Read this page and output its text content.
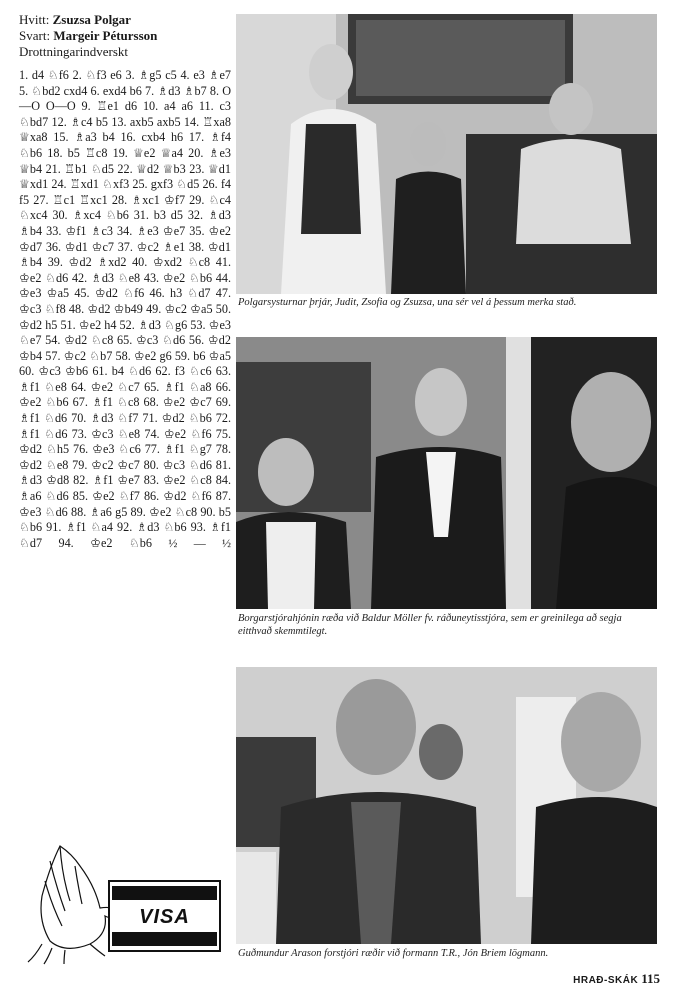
Hvitt: Zsuzsa Polgar
Svart: Margeir Pétursson
Drottningarindverskt
1. d4 ♘f6 2. ♘f3 e6 3. ♗g5 c5 4. e3 ♗e7 5. ♘bd2 cxd4 6. exd4 b6 7. ♗d3 ♗b7 8. O—O O—O 9. ♖e1 d6 10. a4 a6 11. c3 ♘bd7 12. ♗c4 b5 13. axb5 axb5 14. ♖xa8 ♕xa8 15. ♗a3 b4 16. cxb4 h6 17. ♗f4 ♘b6 18. b5 ♖c8 19. ♕e2 ♕a4 20. ♗e3 ♕b4 21. ♖b1 ♘d5 22. ♕d2 ♕b3 23. ♕d1 ♕xd1 24. ♖xd1 ♘xf3 25. gxf3 ♘d5 26. f4 f5 27. ♖c1 ♖xc1 28. ♗xc1 ♔f7 29. ♘c4 ♘xc4 30. ♗xc4 ♘b6 31. b3 d5 32. ♗d3 ♗b4 33. ♔f1 ♗c3 34. ♗e3 ♔e7 35. ♔e2 ♔d7 36. ♔d1 ♔c7 37. ♔c2 ♗e1 38. ♔d1 ♗b4 39. ♔d2 ♗xd2 40. ♔xd2 ♘c8 41. ♔e2 ♘d6 42. ♗d3 ♘e8 43. ♔e2 ♘b6 44. ♔e3 ♔a5 45. ♔d2 ♘f6 46. h3 ♘d7 47. ♔c3 ♘f8 48. ♔d2 ♔b49 49. ♔c2 ♔a5 50. ♔d2 h5 51. ♔e2 h4 52. ♗d3 ♘g6 53. ♔e3 ♘e7 54. ♔d2 ♘c8 65. ♔c3 ♘d6 56. ♔d2 ♔b4 57. ♔c2 ♘b7 58. ♔e2 g6 59. b6 ♔a5 60. ♔c3 ♔b6 61. b4 ♘d6 62. f3 ♘c6 63. ♗f1 ♘e8 64. ♔e2 ♘c7 65. ♗f1 ♘a8 66. ♔e2 ♘b6 67. ♗f1 ♘c8 68. ♔e2 ♔c7 69. ♗f1 ♘d6 70. ♗d3 ♘f7 71. ♔d2 ♘b6 72. ♗f1 ♘d6 73. ♔c3 ♘e8 74. ♔e2 ♘f6 75. ♔d2 ♘h5 76. ♔e3 ♘c6 77. ♗f1 ♘g7 78. ♔d2 ♘e8 79. ♔c2 ♔c7 80. ♔c3 ♘d6 81. ♗d3 ♔d8 82. ♗f1 ♔e7 83. ♔e2 ♘c8 84. ♗a6 ♘d6 85. ♔e2 ♘f7 86. ♔d2 ♘f6 87. ♔e3 ♘d6 88. ♗a6 g5 89. ♔e2 ♘c8 90. b5 ♘b6 91. ♗f1 ♘a4 92. ♗d3 ♘b6 93. ♗f1 ♘d7 94. ♔e2 ♘b6 ½ — ½
Polgarsysturnar þrjár, Judit, Zsofia og Zsuzsa, una sér vel á þessum merka stað.
Borgarstjórahjónin ræða við Baldur Möller fv. ráðuneytisstjóra, sem er greinilega að segja eitthvað skemmtilegt.
Guðmundur Arason forstjóri ræðir við formann T.R., Jón Briem lögmann.
VISA
HRAÐ-SKÁK 115
